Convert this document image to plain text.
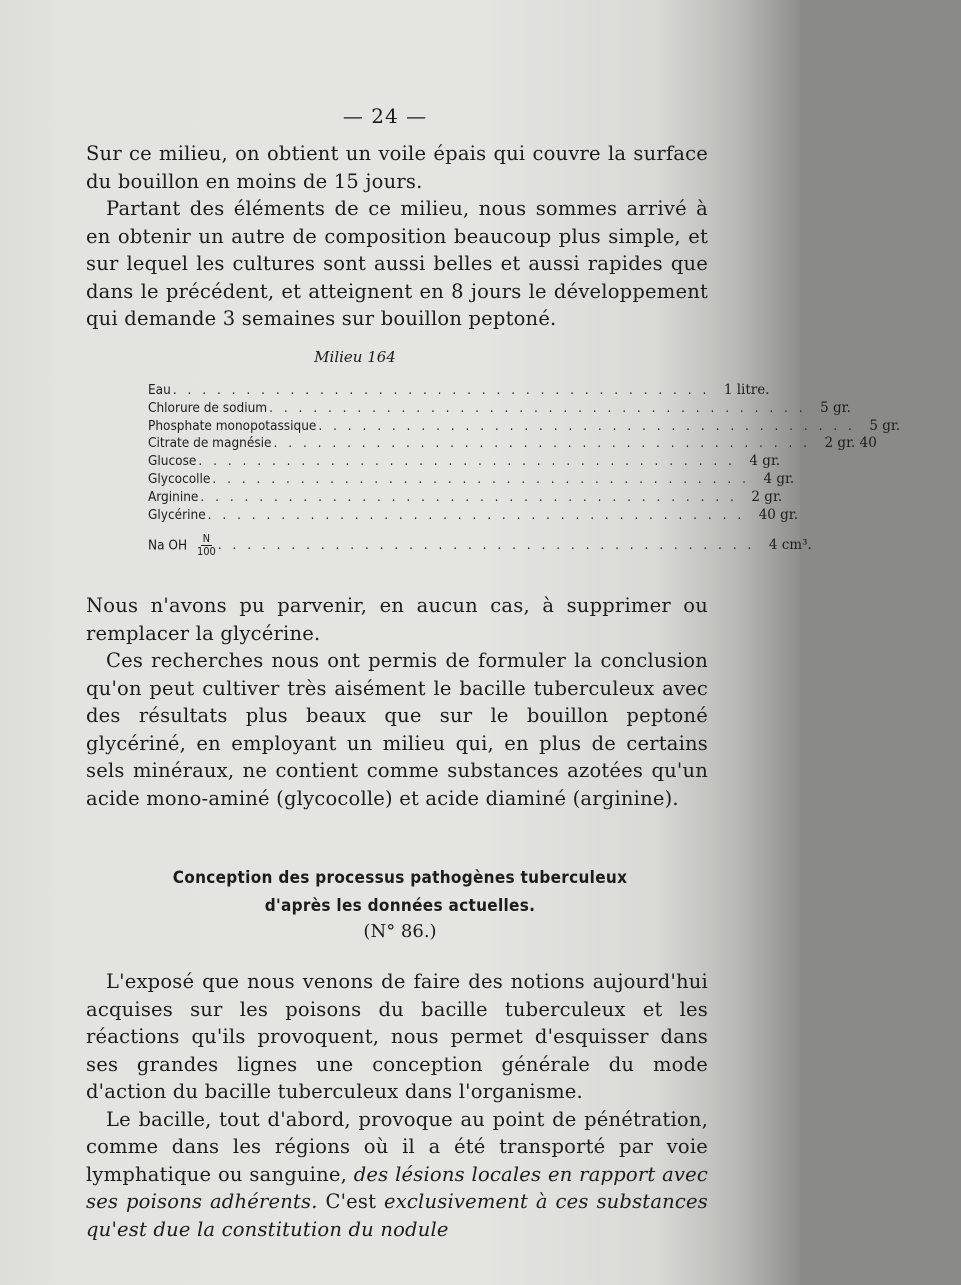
— 24 —

Sur ce milieu, on obtient un voile épais qui couvre la surface du bouillon en moins de 15 jours.

Partant des éléments de ce milieu, nous sommes arrivé à en obtenir un autre de composition beaucoup plus simple, et sur lequel les cultures sont aussi belles et aussi rapides que dans le précédent, et atteignent en 8 jours le développement qui demande 3 semaines sur bouillon peptoné.

Milieu 164
Eau . . . . . . . . . . . . . . . . . . . . . . . . . . . . . . . . . . . . .	1 litre.
Chlorure de sodium . . . . . . . . . . . . . . . . . . . . . . . . . . . . . . . . . . . . .	5 gr.
Phosphate monopotassique . . . . . . . . . . . . . . . . . . . . . . . . . . . . . . . . . . . . .	5 gr.
Citrate de magnésie . . . . . . . . . . . . . . . . . . . . . . . . . . . . . . . . . . . . .	2 gr. 40
Glucose . . . . . . . . . . . . . . . . . . . . . . . . . . . . . . . . . . . . .	4 gr.
Glycocolle . . . . . . . . . . . . . . . . . . . . . . . . . . . . . . . . . . . . .	4 gr.
Arginine . . . . . . . . . . . . . . . . . . . . . . . . . . . . . . . . . . . . .	2 gr.
Glycérine . . . . . . . . . . . . . . . . . . . . . . . . . . . . . . . . . . . . .	40 gr.
Na OH $\frac{N}{100}$ . . . . . . . . . . . . . . . . . . . . . . . . . . . . . . . . . . . . .	4 cm³.

Nous n'avons pu parvenir, en aucun cas, à supprimer ou remplacer la glycérine.

Ces recherches nous ont permis de formuler la conclusion qu'on peut cultiver très aisément le bacille tuberculeux avec des résultats plus beaux que sur le bouillon peptoné glycériné, en employant un milieu qui, en plus de certains sels minéraux, ne contient comme substances azotées qu'un acide mono-aminé (glycocolle) et acide diaminé (arginine).

Conception des processus pathogènes tuberculeux
d'après les données actuelles.
(N° 86.)

L'exposé que nous venons de faire des notions aujourd'hui acquises sur les poisons du bacille tuberculeux et les réactions qu'ils provoquent, nous permet d'esquisser dans ses grandes lignes une conception générale du mode d'action du bacille tuberculeux dans l'organisme.

Le bacille, tout d'abord, provoque au point de pénétration, comme dans les régions où il a été transporté par voie lymphatique ou sanguine, des lésions locales en rapport avec ses poisons adhérents. C'est exclusivement à ces substances qu'est due la constitution du nodule
